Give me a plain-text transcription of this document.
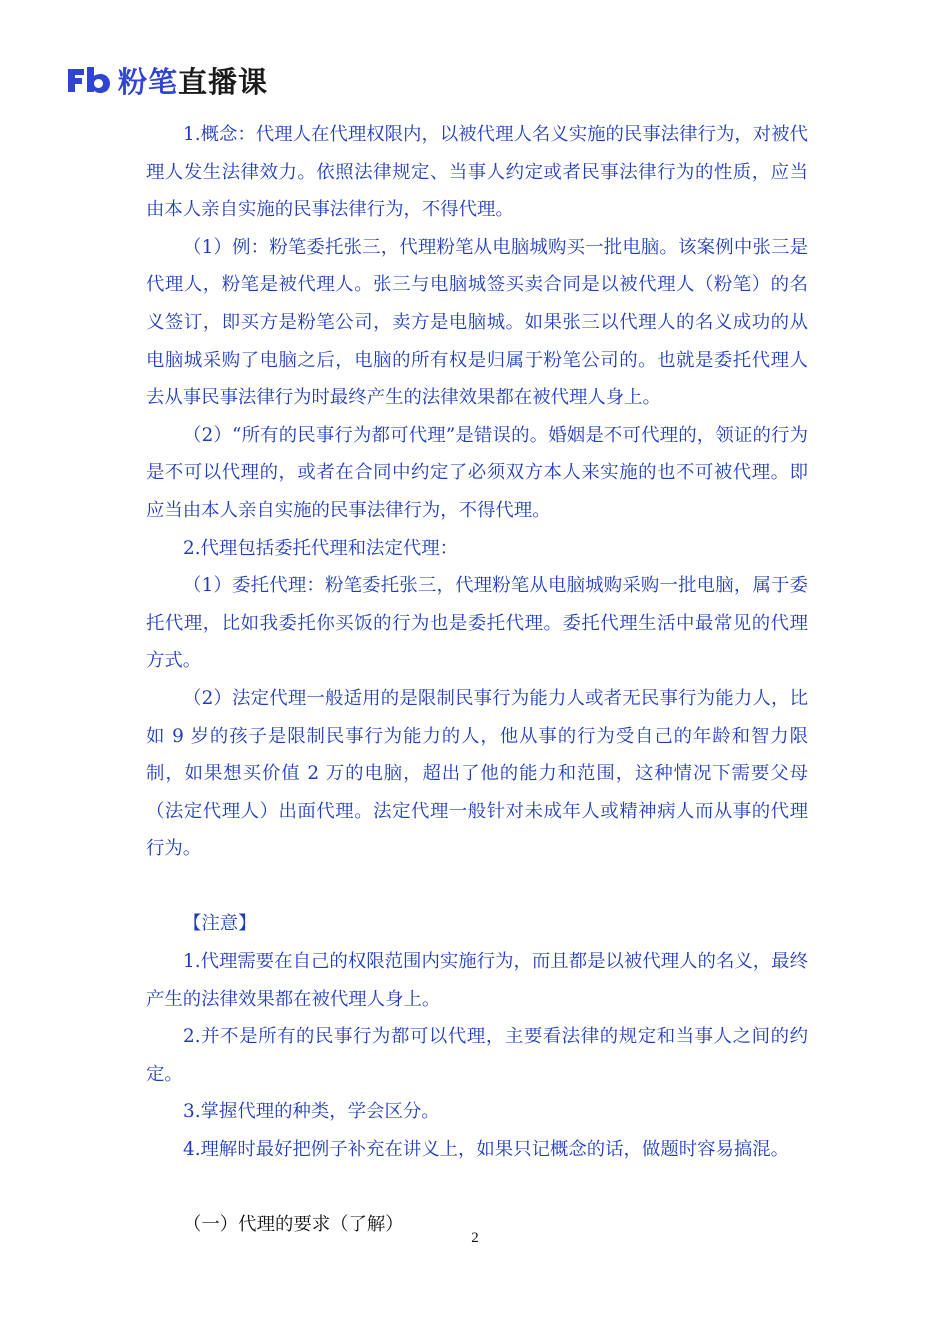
粉笔 直播课

1.概念：代理人在代理权限内，以被代理人名义实施的民事法律行为，对被代理人发生法律效力。依照法律规定、当事人约定或者民事法律行为的性质，应当由本人亲自实施的民事法律行为，不得代理。

（1）例：粉笔委托张三，代理粉笔从电脑城购买一批电脑。该案例中张三是代理人，粉笔是被代理人。张三与电脑城签买卖合同是以被代理人（粉笔）的名义签订，即买方是粉笔公司，卖方是电脑城。如果张三以代理人的名义成功的从电脑城采购了电脑之后，电脑的所有权是归属于粉笔公司的。也就是委托代理人去从事民事法律行为时最终产生的法律效果都在被代理人身上。

（2）“所有的民事行为都可代理”是错误的。婚姻是不可代理的，领证的行为是不可以代理的，或者在合同中约定了必须双方本人来实施的也不可被代理。即应当由本人亲自实施的民事法律行为，不得代理。

2.代理包括委托代理和法定代理：

（1）委托代理：粉笔委托张三，代理粉笔从电脑城购采购一批电脑，属于委托代理，比如我委托你买饭的行为也是委托代理。委托代理生活中最常见的代理方式。

（2）法定代理一般适用的是限制民事行为能力人或者无民事行为能力人，比如 9 岁的孩子是限制民事行为能力的人，他从事的行为受自己的年龄和智力限制，如果想买价值 2 万的电脑，超出了他的能力和范围，这种情况下需要父母（法定代理人）出面代理。法定代理一般针对未成年人或精神病人而从事的代理行为。

【注意】

1.代理需要在自己的权限范围内实施行为，而且都是以被代理人的名义，最终产生的法律效果都在被代理人身上。

2.并不是所有的民事行为都可以代理，主要看法律的规定和当事人之间的约定。

3.掌握代理的种类，学会区分。

4.理解时最好把例子补充在讲义上，如果只记概念的话，做题时容易搞混。

（一）代理的要求（了解）

2
